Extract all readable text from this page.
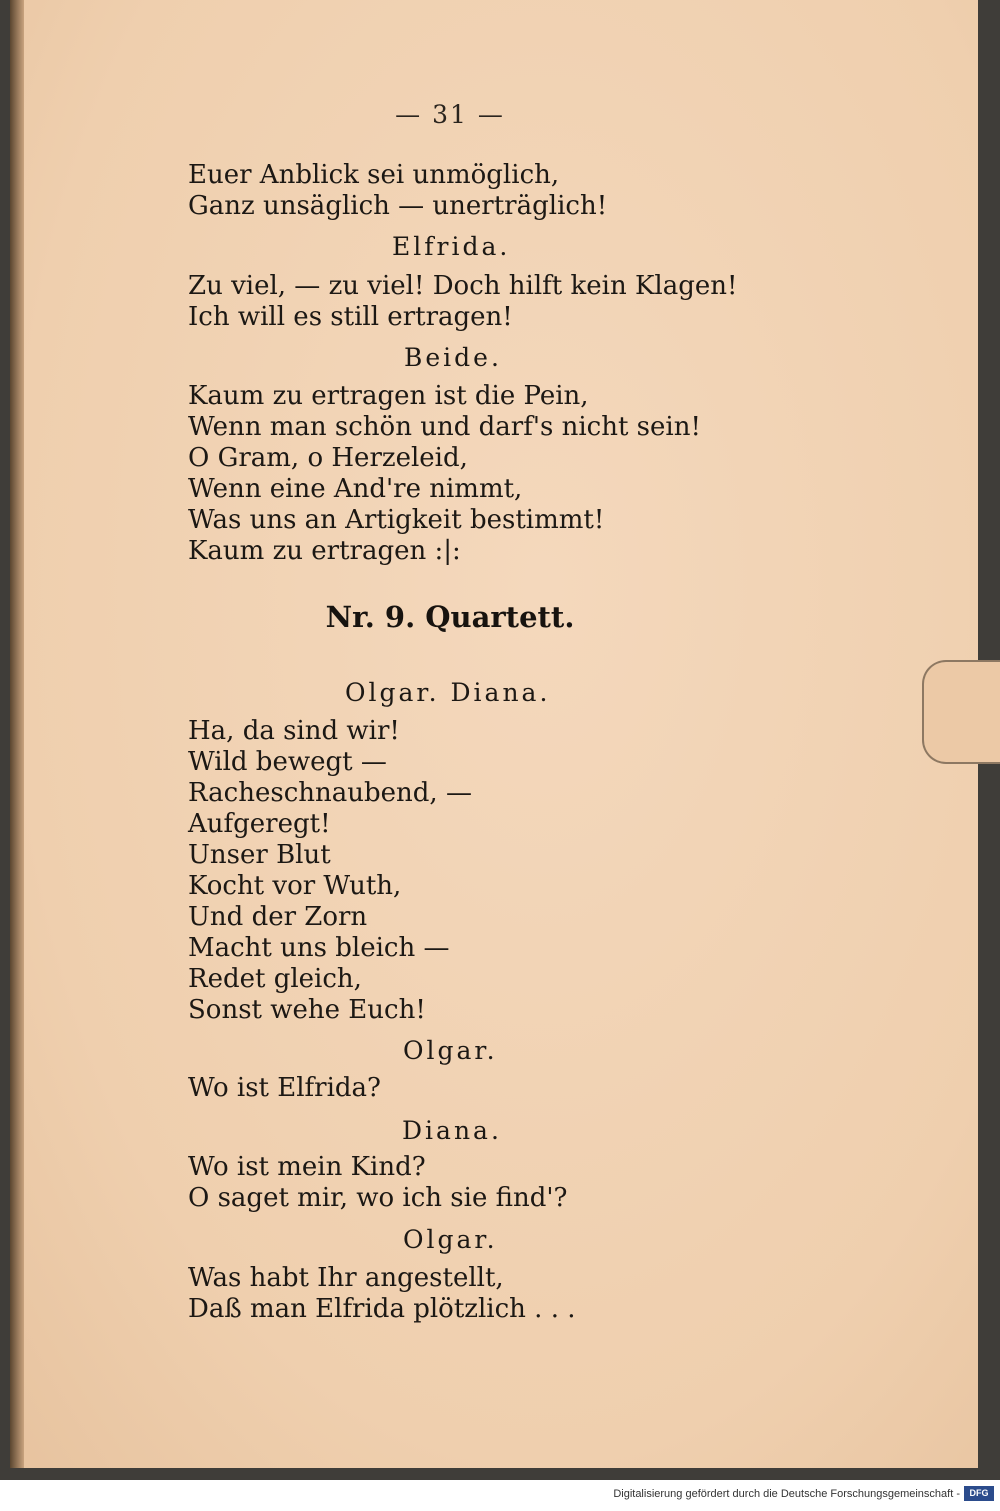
— 31 —
Euer Anblick sei unmöglich,
Ganz unsäglich — unerträglich!
Elfrida.
Zu viel, — zu viel! Doch hilft kein Klagen!
Ich will es still ertragen!
Beide.
Kaum zu ertragen ist die Pein,
Wenn man schön und darf's nicht sein!
O Gram, o Herzeleid,
Wenn eine And're nimmt,
Was uns an Artigkeit bestimmt!
Kaum zu ertragen :|:
Nr. 9. Quartett.
Olgar. Diana.
Ha, da sind wir!
Wild bewegt —
Racheschnaubend, —
Aufgeregt!
Unser Blut
Kocht vor Wuth,
Und der Zorn
Macht uns bleich —
Redet gleich,
Sonst wehe Euch!
Olgar.
Wo ist Elfrida?
Diana.
Wo ist mein Kind?
O saget mir, wo ich sie find'?
Olgar.
Was habt Ihr angestellt,
Daß man Elfrida plötzlich . . .
Digitalisierung gefördert durch die Deutsche Forschungsgemeinschaft -	DFG
